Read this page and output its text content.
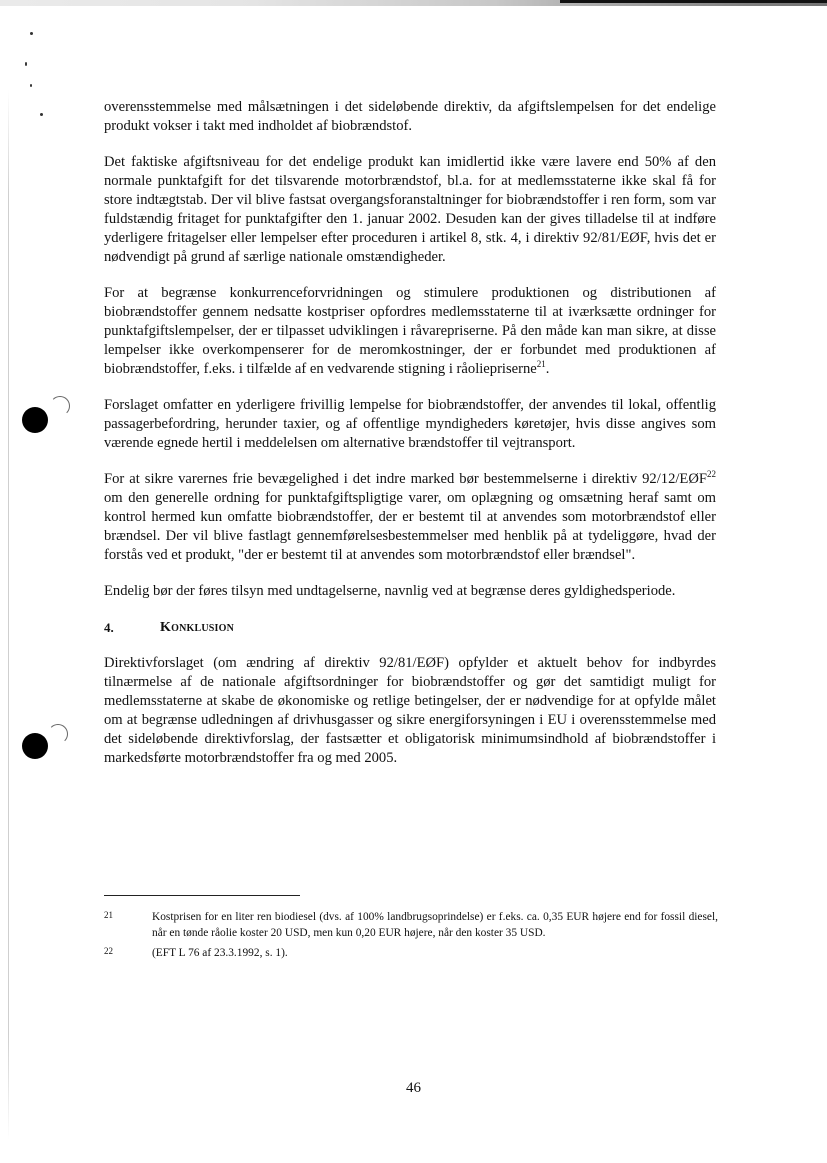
overensstemmelse med målsætningen i det sideløbende direktiv, da afgiftslempelsen for det endelige produkt vokser i takt med indholdet af biobrændstof.

Det faktiske afgiftsniveau for det endelige produkt kan imidlertid ikke være lavere end 50% af den normale punktafgift for det tilsvarende motorbrændstof, bl.a. for at medlemsstaterne ikke skal få for store indtægtstab. Der vil blive fastsat overgangsforanstaltninger for biobrændstoffer i ren form, som var fuldstændig fritaget for punktafgifter den 1. januar 2002. Desuden kan der gives tilladelse til at indføre yderligere fritagelser eller lempelser efter proceduren i artikel 8, stk. 4, i direktiv 92/81/EØF, hvis det er nødvendigt på grund af særlige nationale omstændigheder.

For at begrænse konkurrenceforvridningen og stimulere produktionen og distributionen af biobrændstoffer gennem nedsatte kostpriser opfordres medlemsstaterne til at iværksætte ordninger for punktafgiftslempelser, der er tilpasset udviklingen i råvarepriserne. På den måde kan man sikre, at disse lempelser ikke overkompenserer for de meromkostninger, der er forbundet med produktionen af biobrændstoffer, f.eks. i tilfælde af en vedvarende stigning i råoliepriserne$^{21}$.

Forslaget omfatter en yderligere frivillig lempelse for biobrændstoffer, der anvendes til lokal, offentlig passagerbefordring, herunder taxier, og af offentlige myndigheders køretøjer, hvis disse angives som værende egnede hertil i meddelelsen om alternative brændstoffer til vejtransport.

For at sikre varernes frie bevægelighed i det indre marked bør bestemmelserne i direktiv 92/12/EØF$^{22}$ om den generelle ordning for punktafgiftspligtige varer, om oplægning og omsætning heraf samt om kontrol hermed kun omfatte biobrændstoffer, der er bestemt til at anvendes som motorbrændstof eller brændsel. Der vil blive fastlagt gennemførelsesbestemmelser med henblik på at tydeliggøre, hvad der forstås ved et produkt, "der er bestemt til at anvendes som motorbrændstof eller brændsel".

Endelig bør der føres tilsyn med undtagelserne, navnlig ved at begrænse deres gyldighedsperiode.

4.	Konklusion

Direktivforslaget (om ændring af direktiv 92/81/EØF) opfylder et aktuelt behov for indbyrdes tilnærmelse af de nationale afgiftsordninger for biobrændstoffer og gør det samtidigt muligt for medlemsstaterne at skabe de økonomiske og retlige betingelser, der er nødvendige for at opfylde målet om at begrænse udledningen af drivhusgasser og sikre energiforsyningen i EU i overensstemmelse med det sideløbende direktivforslag, der fastsætter et obligatorisk minimumsindhold af biobrændstoffer i markedsførte motorbrændstoffer fra og med 2005.

21	Kostprisen for en liter ren biodiesel (dvs. af 100% landbrugsoprindelse) er f.eks. ca. 0,35 EUR højere end for fossil diesel, når en tønde råolie koster 20 USD, men kun 0,20 EUR højere, når den koster 35 USD.
22	(EFT L 76 af 23.3.1992, s. 1).
46
